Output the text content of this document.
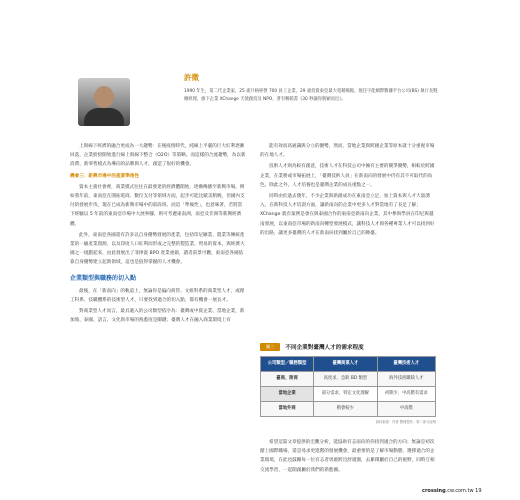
許徵
1990 年生，第二代企業家，25 歲升格經營 700 員工企業，29 歲投資東亞最大電競場館，現任宇能網際數據平台公司(BS) 執行長暨總經理，旗下企業 XChange 天使創投及 NPO，著有暢銷書《30 秒讓你脫穎而出》。

上與線下經濟的融合更成為一大趨勢：在後疫情時代，純線上平臺的巨大紅利逐漸回落，企業紛紛開始進行線上與線下整合（O2O）等策略。而這樣的合流趨勢，為以新消費、新零售模式為導向的品牌與人才，創造了很好的機會。

機會三：新興市場中的產業準後性

資本主義社會裡，商業模式往往在最發達的經濟體開始，逐漸傳播至新興市場。例如我年前，東南亞在開拓電商、數位支付等領域方面，起步可能比歐美稍晚，但國內支付的發展步伐，現在已成為新興市場中的前段班。而這「準後性」，也意味著，若將當下經驗以 5 年前的東南亞市場中大展拳腳，則可考慮東南洲、南亞及非洲等新興經濟體。

此外，東南亞各國還有許多以自身優勢發展的產業，包括印尼礦業、農業等傳統產業的一級產業資源，以及印度人口紅利而形成之完整的製造業、貿易的資本，與經濟大國之一規劃起來，由此發展出了菲律賓 BPO 產業重鎮，讀者前景可觀，東南亞各國依靠自身優勢建立起新領域，這也是值得掌握的人才機會。

企業類型與職務的切入點

最後，在「新南向」的軌道上，無論你是偏向商管、文組科系的商業型人才，或理工科系、技職體系的技術型人才，只要找到適合的切入點，都有機會一展長才。

對商業型人才而言，最具適入的公司類型依序為：臺灣或中資企業、當地企業，新加坡、泰國、語言、文化與市場的熟悉度是關鍵；臺灣人才在融入商業環境上有

能有效而高通識與分立的優勢，然而，當地企業與跨國企業等原本就十分重視市場的在地人才。

技術人才則為較有創意，技術人才在科技公司中擁有主要的競爭優勢，相較於跨國企業，在業務或市場拓展上，「臺灣技術人員」在新南向的發展中仍有其不可取代的角色。除此之外，人才培養也是臺灣企業的成長重點之一。

同時由於過去幾年，不少企業與新創成功在東南亞立足，加上資本與人才大量湧入，在新科技人才培訓方面，讓新南向的企業中更多人才對當地有了長足了解；XChange 就有案例是會在與泰國合作的東南亞新南向企業，其中參與學員在印尼與越南發展，以東南亞市場的新南向轉型發展模式，讓科技人才與各種專業人才可以找到好的出路，讓更多臺灣的人才在新南向找到屬於自己的舞臺。

圖三	不同企業對臺灣人才的需求程度
公司類型／職務類型	臺灣商業人才	臺灣技術人才
臺商、陸商	高度求、急缺 BD 類型	海外技術職缺人才
當地企業	部分需求，特定文化理解	初期少，中高階有需求
當地外商	稍會較少	中高階
資料來源：作者 整理製作／第二部分說明

希望這篇文章提供的宏觀分析，能協助有志南向的你找到適合的方向；無論是初次踏上國際職場，還是尋求更進階的發展機會，最重要的是了解市場動態、選擇適合的企業環境，在此也鼓勵每一位有志者勇敢跨出舒適圈，去累積屬於自己的視野，同時互相交流學習，一起開創屬於我們的新藍圖。

crossing.cw.com.tw 19
